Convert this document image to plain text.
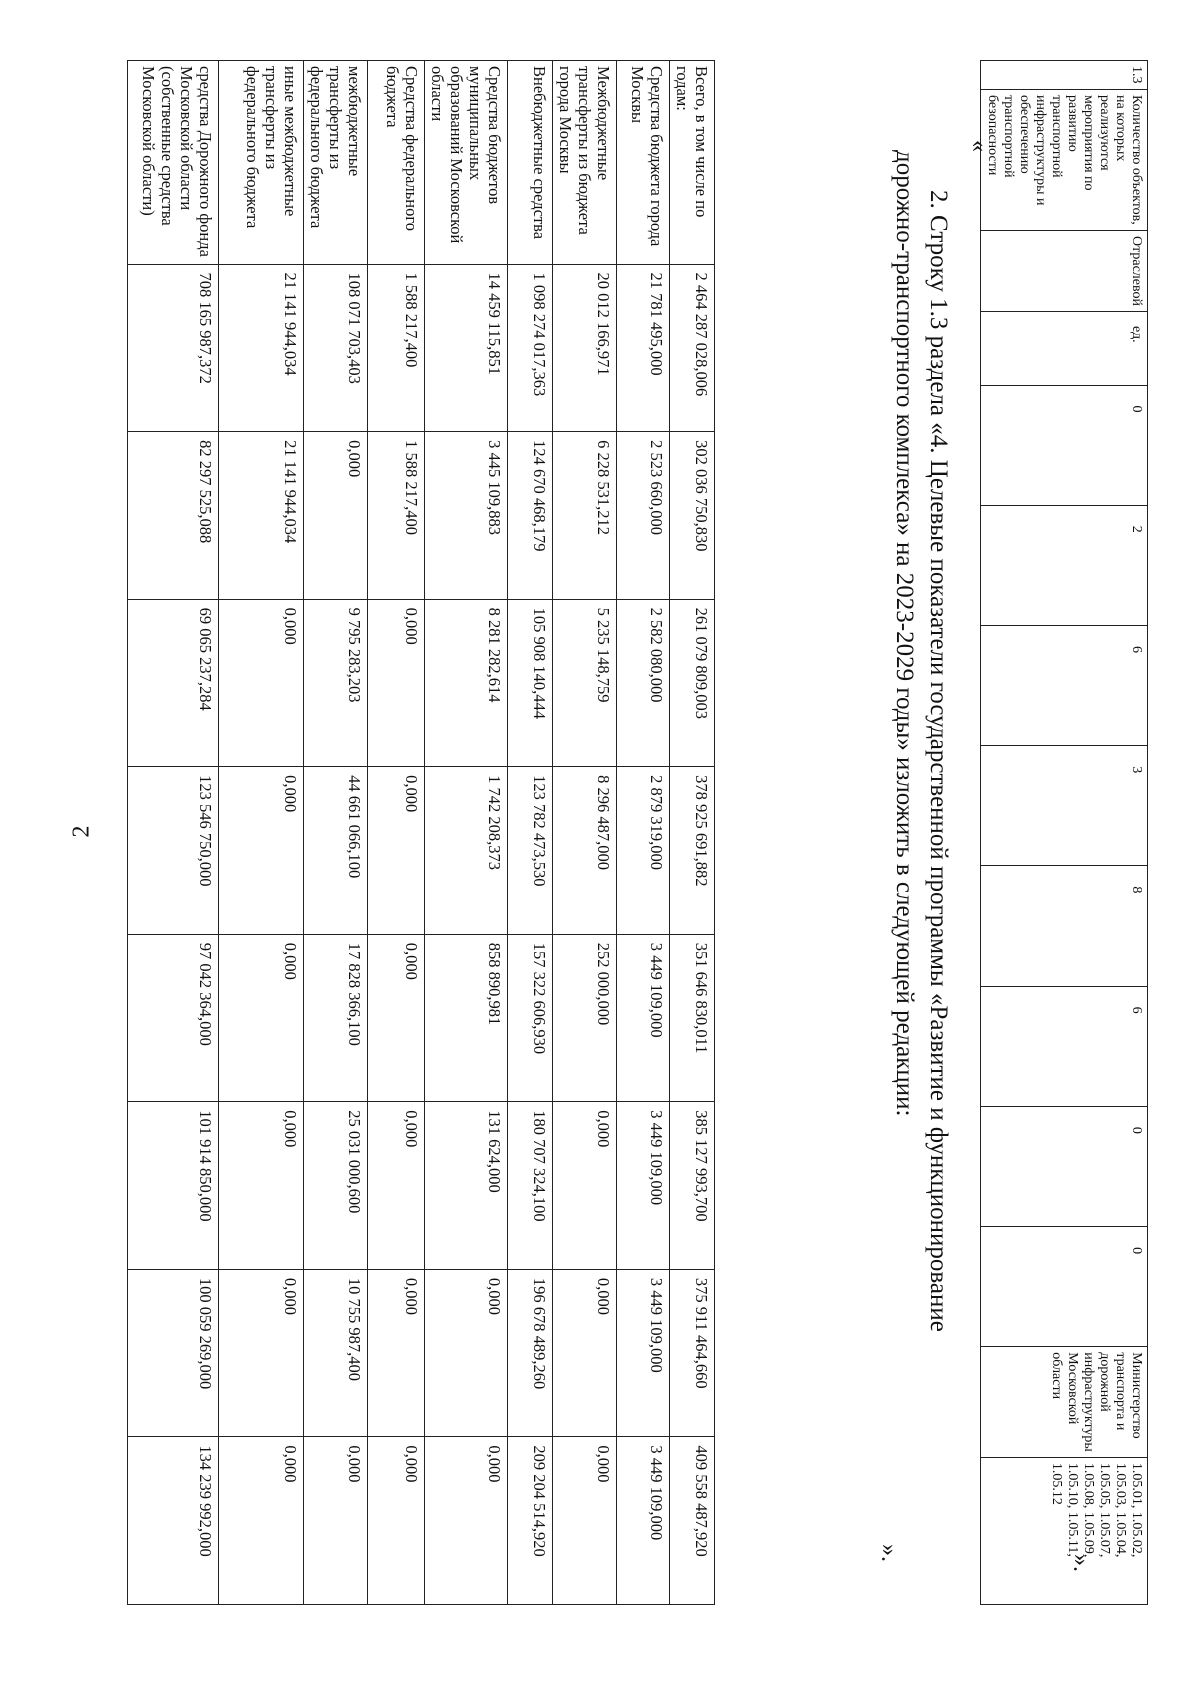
2
1.3	Количество объектов, на которых реализуются мероприятия по развитию транспортной инфраструктуры и обеспечению транспортной безопасности	Отраслевой	ед.	0	2	6	3	8	6	0	0	Министерство транспорта и дорожной инфраструктуры Московской области	1.05.01, 1.05.02, 1.05.03, 1.05.04, 1.05.05, 1.05.07, 1.05.08, 1.05.09, 1.05.10, 1.05.11, 1.05.12
».
«
».
2. Строку 1.3 раздела «4. Целевые показатели государственной программы «Развитие и функционирование
дорожно-транспортного комплекса» на 2023-2029 годы» изложить в следующей редакции:
Всего, в том числе по годам:	2 464 287 028,006	302 036 750,830	261 079 809,003	378 925 691,882	351 646 830,011	385 127 993,700	375 911 464,660	409 558 487,920
Средства бюджета города Москвы	21 781 495,000	2 523 660,000	2 582 080,000	2 879 319,000	3 449 109,000	3 449 109,000	3 449 109,000	3 449 109,000
Межбюджетные трансферты из бюджета города Москвы	20 012 166,971	6 228 531,212	5 235 148,759	8 296 487,000	252 000,000	0,000	0,000	0,000
Внебюджетные средства	1 098 274 017,363	124 670 468,179	105 908 140,444	123 782 473,530	157 322 606,930	180 707 324,100	196 678 489,260	209 204 514,920
Средства бюджетов муниципальных образований Московской области	14 459 115,851	3 445 109,883	8 281 282,614	1 742 208,373	858 890,981	131 624,000	0,000	0,000
Средства федерального бюджета	1 588 217,400	1 588 217,400	0,000	0,000	0,000	0,000	0,000	0,000
межбюджетные трансферты из федерального бюджета	108 071 703,403	0,000	9 795 283,203	44 661 066,100	17 828 366,100	25 031 000,600	10 755 987,400	0,000
иные межбюджетные трансферты из федерального бюджета	21 141 944,034	21 141 944,034	0,000	0,000	0,000	0,000	0,000	0,000
средства Дорожного фонда Московской области (собственные средства Московской области)	708 165 987,372	82 297 525,088	69 065 237,284	123 546 750,000	97 042 364,000	101 914 850,000	100 059 269,000	134 239 992,000
